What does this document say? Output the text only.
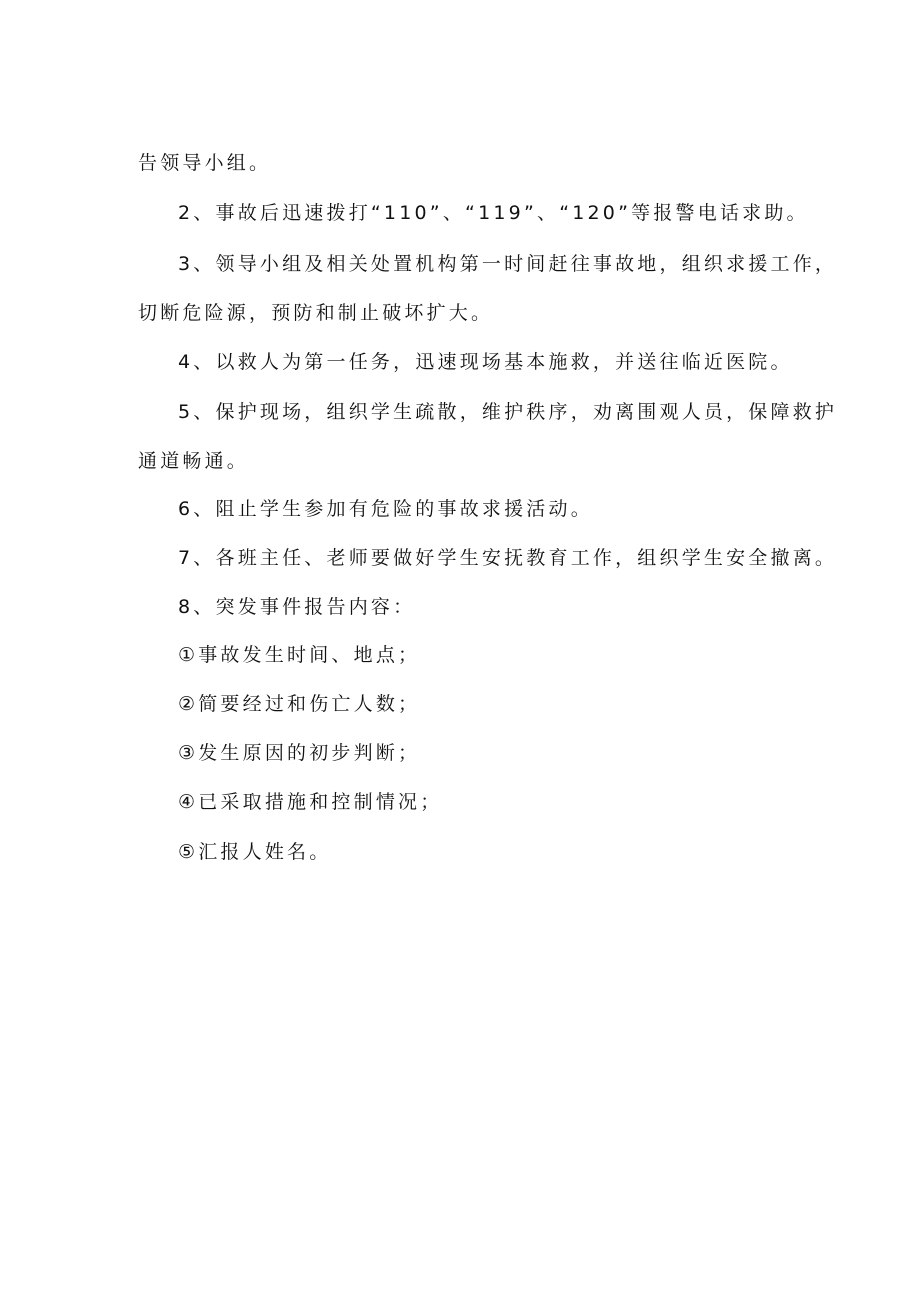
告领导小组。
2、事故后迅速拨打“110”、“119”、“120”等报警电话求助。
3、领导小组及相关处置机构第一时间赶往事故地，组织求援工作，
切断危险源，预防和制止破坏扩大。
4、以救人为第一任务，迅速现场基本施救，并送往临近医院。
5、保护现场，组织学生疏散，维护秩序，劝离围观人员，保障救护
通道畅通。
6、阻止学生参加有危险的事故求援活动。
7、各班主任、老师要做好学生安抚教育工作，组织学生安全撤离。
8、突发事件报告内容：
①事故发生时间、地点；
②简要经过和伤亡人数；
③发生原因的初步判断；
④已采取措施和控制情况；
⑤汇报人姓名。
